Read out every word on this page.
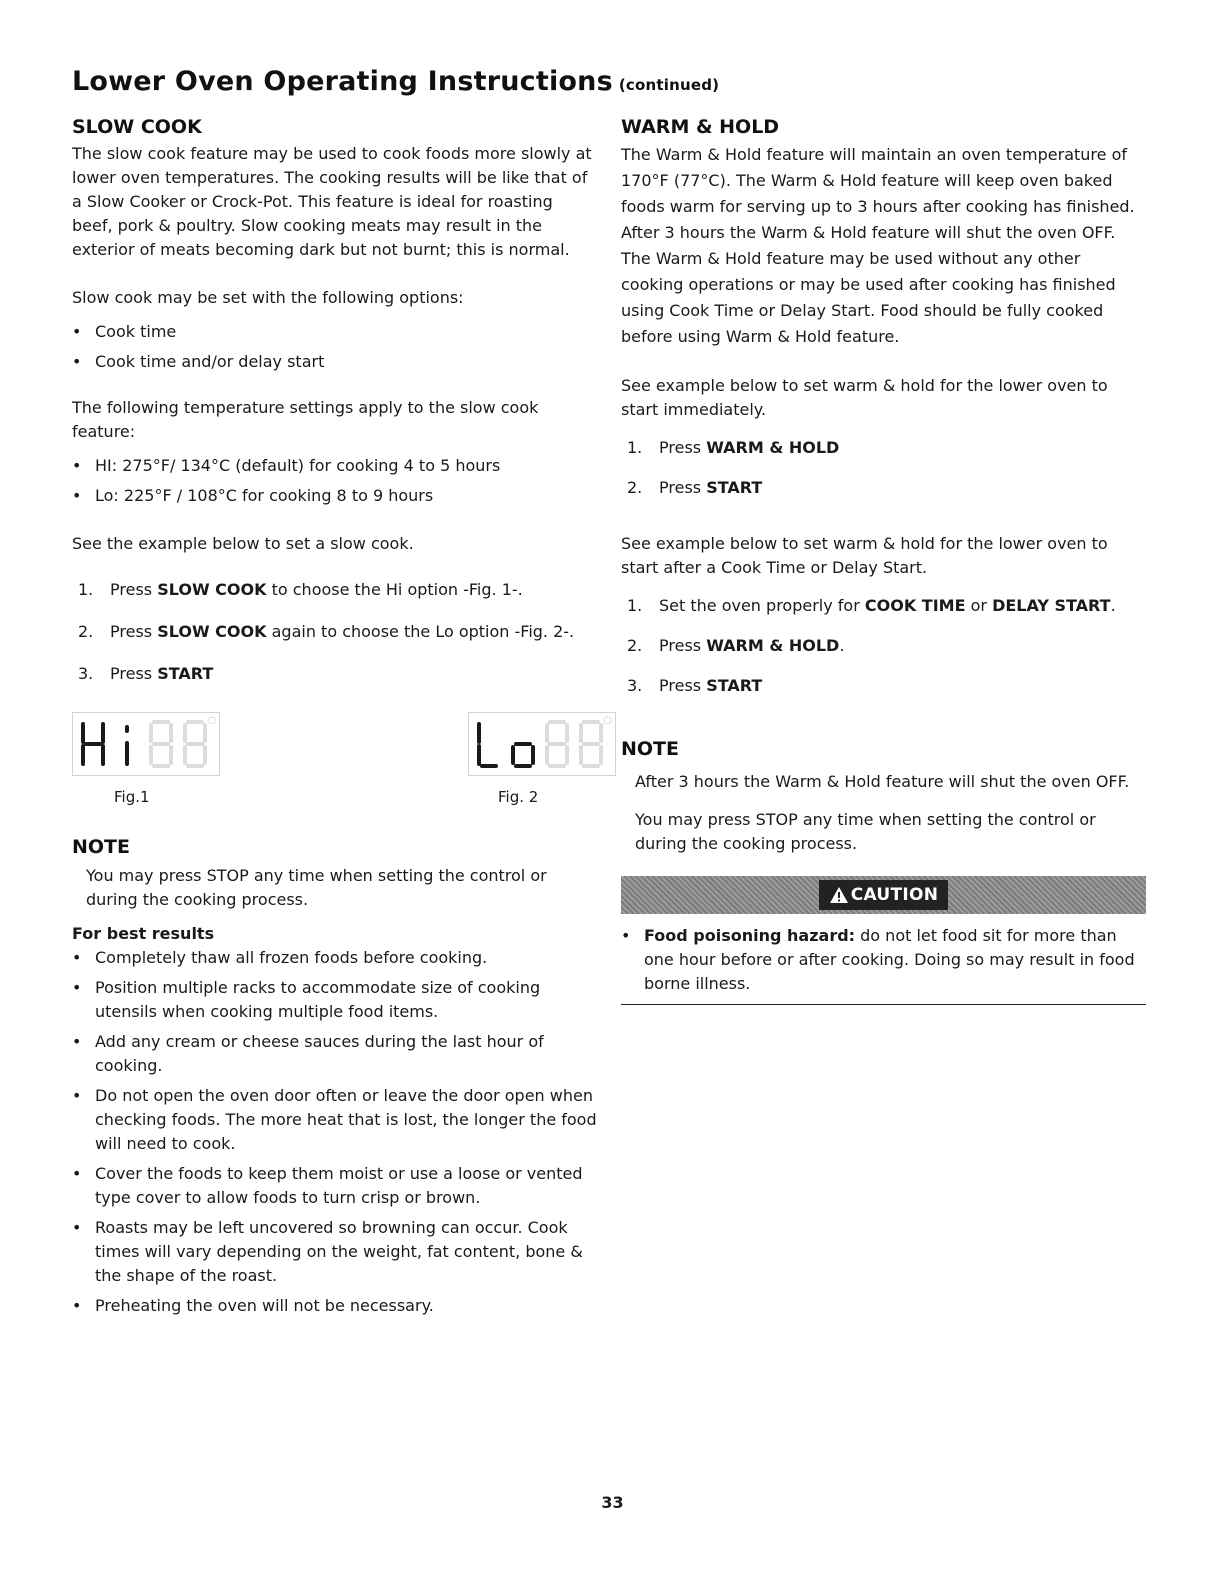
Lower Oven Operating Instructions (continued)
SLOW COOK

The slow cook feature may be used to cook foods more slowly at lower oven temperatures. The cooking results will be like that of a Slow Cooker or Crock-Pot. This feature is ideal for roasting beef, pork & poultry. Slow cooking meats may result in the exterior of meats becoming dark but not burnt; this is normal.

Slow cook may be set with the following options:

• Cook time
• Cook time and/or delay start

The following temperature settings apply to the slow cook feature:

• HI: 275°F/ 134°C (default) for cooking 4 to 5 hours
• Lo: 225°F / 108°C for cooking 8 to 9 hours

See the example below to set a slow cook.

1. Press SLOW COOK to choose the Hi option -Fig. 1-.
2. Press SLOW COOK again to choose the Lo option -Fig. 2-.
3. Press START
○
Fig.1
○
Fig. 2
NOTE

You may press STOP any time when setting the control or during the cooking process.

For best results

• Completely thaw all frozen foods before cooking.
• Position multiple racks to accommodate size of cooking utensils when cooking multiple food items.
• Add any cream or cheese sauces during the last hour of cooking.
• Do not open the oven door often or leave the door open when checking foods. The more heat that is lost, the longer the food will need to cook.
• Cover the foods to keep them moist or use a loose or vented type cover to allow foods to turn crisp or brown.
• Roasts may be left uncovered so browning can occur. Cook times will vary depending on the weight, fat content, bone & the shape of the roast.
• Preheating the oven will not be necessary.
WARM & HOLD

The Warm & Hold feature will maintain an oven temperature of 170°F (77°C). The Warm & Hold feature will keep oven baked foods warm for serving up to 3 hours after cooking has finished. After 3 hours the Warm & Hold feature will shut the oven OFF. The Warm & Hold feature may be used without any other cooking operations or may be used after cooking has finished using Cook Time or Delay Start. Food should be fully cooked before using Warm & Hold feature.

See example below to set warm & hold for the lower oven to start immediately.

1. Press WARM & HOLD
2. Press START

See example below to set warm & hold for the lower oven to start after a Cook Time or Delay Start.

1. Set the oven properly for COOK TIME or DELAY START.
2. Press WARM & HOLD.
3. Press START
NOTE

After 3 hours the Warm & Hold feature will shut the oven OFF.

You may press STOP any time when setting the control or during the cooking process.

CAUTION
• Food poisoning hazard: do not let food sit for more than one hour before or after cooking. Doing so may result in food borne illness.
33
